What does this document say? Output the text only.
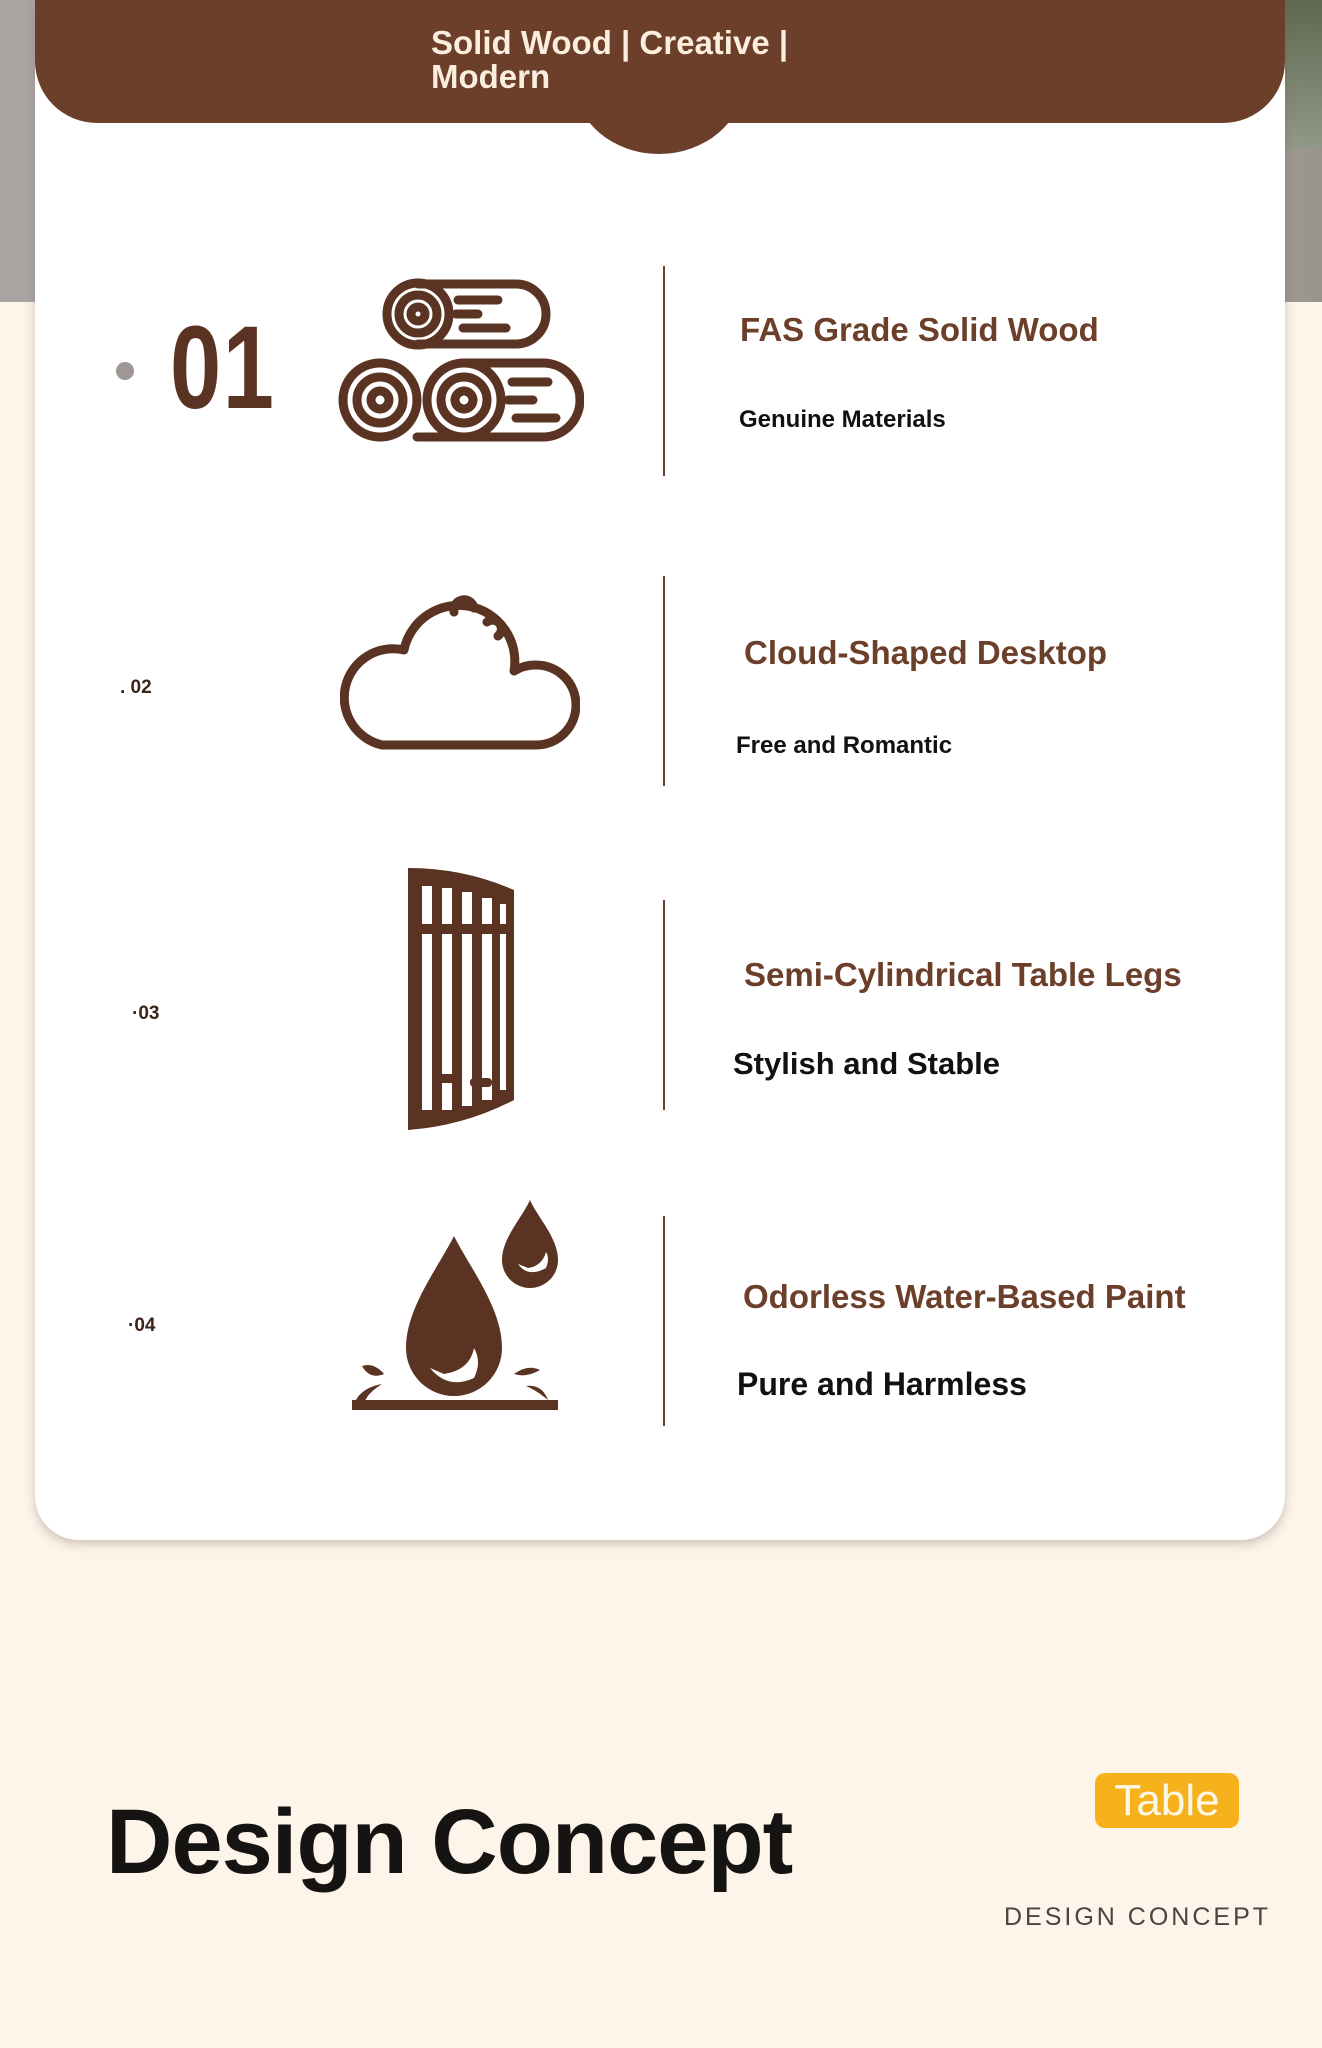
Solid Wood | Creative | Modern
01	FAS Grade Solid Wood
Genuine Materials
. 02
Cloud-Shaped Desktop
Free and Romantic
·03
Semi-Cylindrical Table Legs
Stylish and Stable
·04
Odorless Water-Based Paint
Pure and Harmless
Design Concept	Table
DESIGN CONCEPT
